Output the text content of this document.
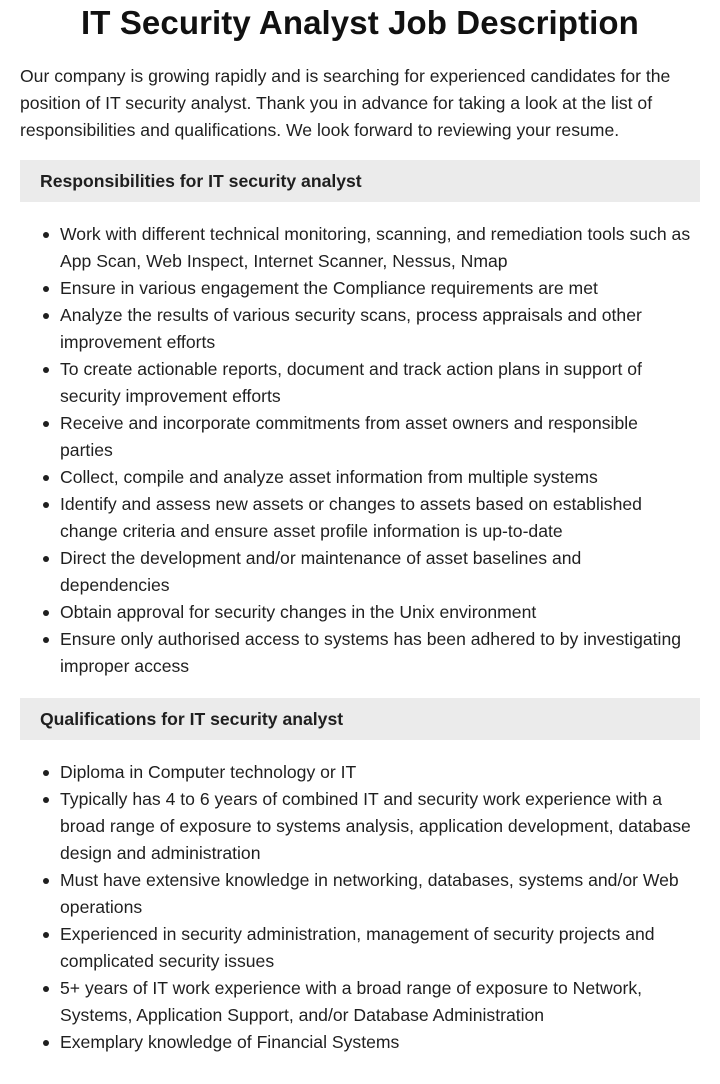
IT Security Analyst Job Description

Our company is growing rapidly and is searching for experienced candidates for the position of IT security analyst. Thank you in advance for taking a look at the list of responsibilities and qualifications. We look forward to reviewing your resume.

Responsibilities for IT security analyst
Work with different technical monitoring, scanning, and remediation tools such as App Scan, Web Inspect, Internet Scanner, Nessus, Nmap
Ensure in various engagement the Compliance requirements are met
Analyze the results of various security scans, process appraisals and other improvement efforts
To create actionable reports, document and track action plans in support of security improvement efforts
Receive and incorporate commitments from asset owners and responsible parties
Collect, compile and analyze asset information from multiple systems
Identify and assess new assets or changes to assets based on established change criteria and ensure asset profile information is up-to-date
Direct the development and/or maintenance of asset baselines and dependencies
Obtain approval for security changes in the Unix environment
Ensure only authorised access to systems has been adhered to by investigating improper access
Qualifications for IT security analyst
Diploma in Computer technology or IT
Typically has 4 to 6 years of combined IT and security work experience with a broad range of exposure to systems analysis, application development, database design and administration
Must have extensive knowledge in networking, databases, systems and/or Web operations
Experienced in security administration, management of security projects and complicated security issues
5+ years of IT work experience with a broad range of exposure to Network, Systems, Application Support, and/or Database Administration
Exemplary knowledge of Financial Systems
